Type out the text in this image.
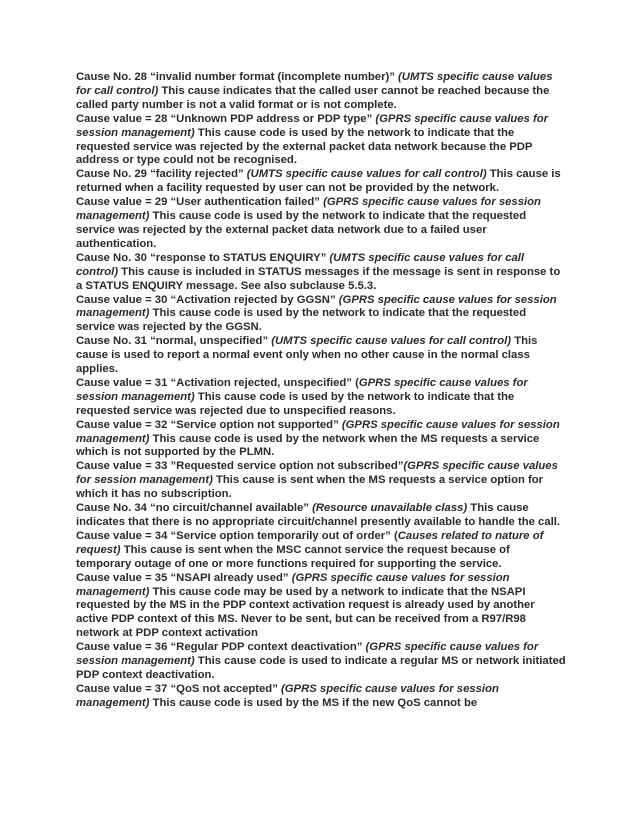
Cause No. 28 “invalid number format (incomplete number)” (UMTS specific cause values for call control) This cause indicates that the called user cannot be reached because the called party number is not a valid format or is not complete.

Cause value = 28 “Unknown PDP address or PDP type” (GPRS specific cause values for session management) This cause code is used by the network to indicate that the requested service was rejected by the external packet data network because the PDP address or type could not be recognised.

Cause No. 29 “facility rejected” (UMTS specific cause values for call control) This cause is returned when a facility requested by user can not be provided by the network.

Cause value = 29 “User authentication failed” (GPRS specific cause values for session management) This cause code is used by the network to indicate that the requested service was rejected by the external packet data network due to a failed user authentication.

Cause No. 30 “response to STATUS ENQUIRY” (UMTS specific cause values for call control) This cause is included in STATUS messages if the message is sent in response to a STATUS ENQUIRY message. See also subclause 5.5.3.

Cause value = 30 “Activation rejected by GGSN” (GPRS specific cause values for session management) This cause code is used by the network to indicate that the requested service was rejected by the GGSN.

Cause No. 31 “normal, unspecified” (UMTS specific cause values for call control) This cause is used to report a normal event only when no other cause in the normal class applies.

Cause value = 31 “Activation rejected, unspecified” (GPRS specific cause values for session management) This cause code is used by the network to indicate that the requested service was rejected due to unspecified reasons.

Cause value = 32 “Service option not supported” (GPRS specific cause values for session management) This cause code is used by the network when the MS requests a service which is not supported by the PLMN.

Cause value = 33 ”Requested service option not subscribed”(GPRS specific cause values for session management) This cause is sent when the MS requests a service option for which it has no subscription.

Cause No. 34 “no circuit/channel available” (Resource unavailable class) This cause indicates that there is no appropriate circuit/channel presently available to handle the call.

Cause value = 34 “Service option temporarily out of order” (Causes related to nature of request) This cause is sent when the MSC cannot service the request because of temporary outage of one or more functions required for supporting the service.

Cause value = 35 “NSAPI already used” (GPRS specific cause values for session management) This cause code may be used by a network to indicate that the NSAPI requested by the MS in the PDP context activation request is already used by another active PDP context of this MS. Never to be sent, but can be received from a R97/R98 network at PDP context activation

Cause value = 36 “Regular PDP context deactivation” (GPRS specific cause values for session management) This cause code is used to indicate a regular MS or network initiated PDP context deactivation.

Cause value = 37 “QoS not accepted” (GPRS specific cause values for session management) This cause code is used by the MS if the new QoS cannot be
